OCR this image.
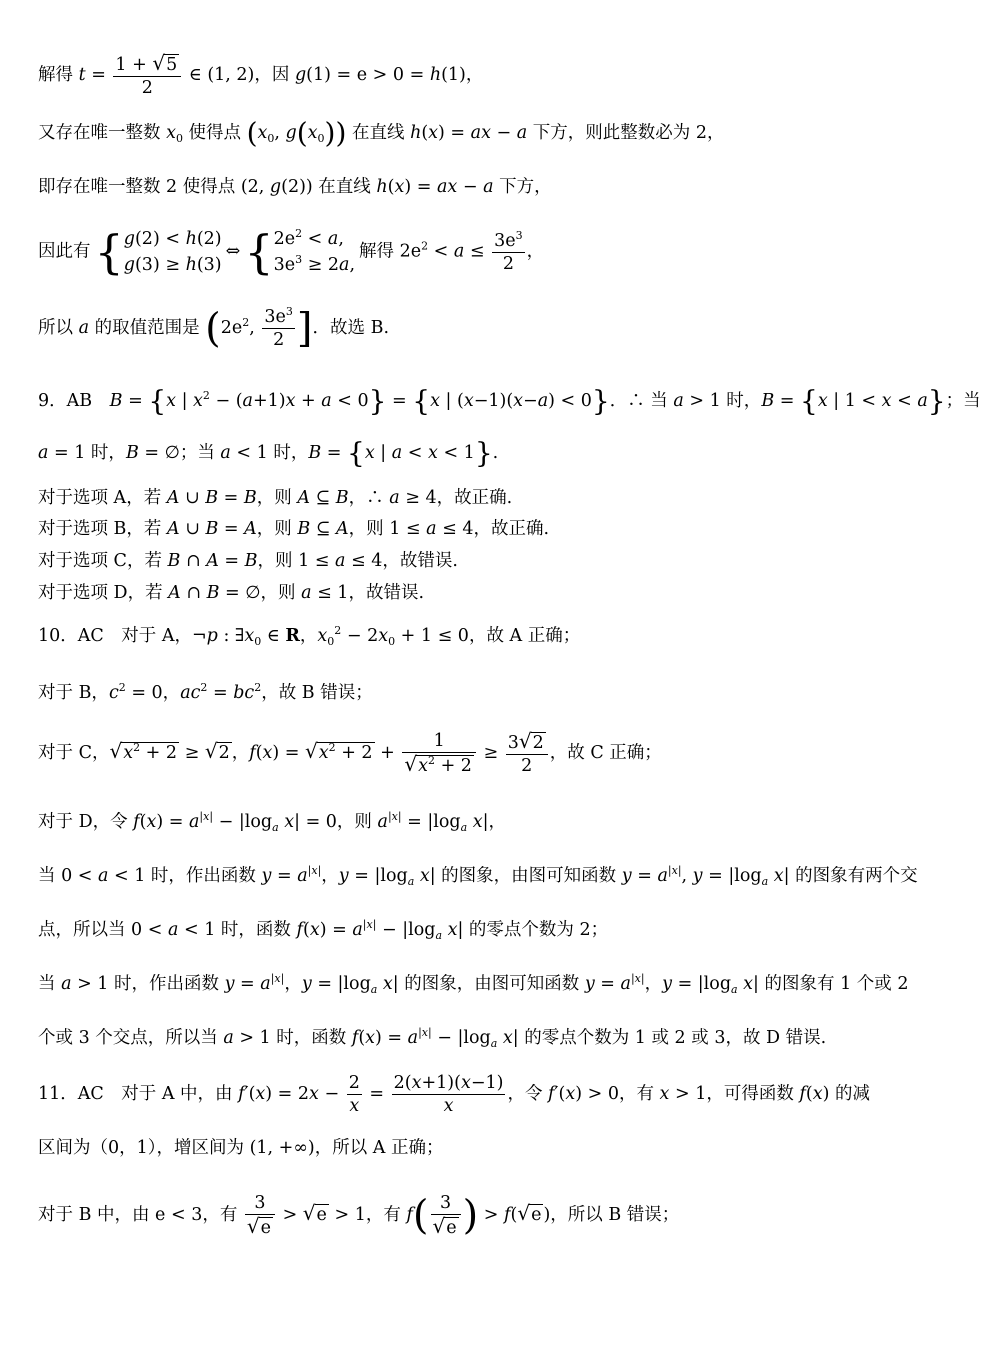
解得 $t = \frac{1 + √5}{2}$ ∈ (1, 2)，因 g(1) = e > 0 = h(1)，
又存在唯一整数 $x_0$ 使得点 ($x_0$, $g(x_0)$) 在直线 h(x) = ax − a 下方，则此整数必为 2，
即存在唯一整数 2 使得点 (2, g(2)) 在直线 h(x) = ax − a 下方，
因此有{ g(2) < h(2)
g(3) ≥ h(3)
⇔{ $2e^2 < a$,
$3e^3 \ge 2a$,
解得 $2e^2 < a \le \frac{3e^3}{2}$ ，
所以 a 的取值范围是 ($2e^2$, $\frac{3e^3}{2}$ ]．故选 B.
9．AB　B = {x | $x^2 - (a+1)x + a < 0\} = \{x$ | (x−1)(x−a) < 0}．∴ 当 a > 1 时，B = {x | 1 < x < a}；当
a = 1 时，B = ∅；当 a < 1 时，B = {x | a < x < 1}.
对于选项 A，若 A ∪ B = B，则 A ⊆ B，∴ a ≥ 4，故正确.
对于选项 B，若 A ∪ B = A，则 B ⊆ A，则 1 ≤ a ≤ 4，故正确.
对于选项 C，若 B ∩ A = B，则 1 ≤ a ≤ 4，故错误.
对于选项 D，若 A ∩ B = ∅，则 a ≤ 1，故错误.
10．AC　对于 A，¬p : $\exists x_0$ ∈ R，$x_0^2 - 2x_0 + 1 \le 0$，故 A 正确；
对于 B，$c^2 = 0$，$ac^2 = bc^2$，故 B 错误；
对于 C，$√x^2 + 2 \ge √2$ ，$f(x) = √x^2 + 2 + \frac{1}{√x^2 + 2} \ge \frac{3√2}{2}$ ，故 C 正确；
对于 D，令 $f(x) = a^{|x|} - |\log_a$ x| = 0，则 $a^{|x|} = |\log_a$ x|，
当 0 < a < 1 时，作出函数 $y = a^{|x|}$，$y = |\log_a$ x| 的图象，由图可知函数 $y = a^{|x|}$, $y = |\log_a$ x| 的图象有两个交
点，所以当 0 < a < 1 时，函数 $f(x) = a^{|x|} - |\log_a$ x| 的零点个数为 2；
当 a > 1 时，作出函数 $y = a^{|x|}$，$y = |\log_a$ x| 的图象，由图可知函数 $y = a^{|x|}$，$y = |\log_a$ x| 的图象有 1 个或 2
个或 3 个交点，所以当 a > 1 时，函数 $f(x) = a^{|x|} - |\log_a$ x| 的零点个数为 1 或 2 或 3，故 D 错误.
11．AC　对于 A 中，由 $f'(x) = 2x - \frac{2}{x} = \frac{2(x+1)(x-1)}{x}$ ，令 f′(x) > 0，有 x > 1，可得函数 f(x) 的减
区间为（0，1），增区间为 (1, +∞)，所以 A 正确；
对于 B 中，由 e < 3，有 $\frac{3}{√e} > √e > 1$，有 $f( \frac{3}{√e}$ ) > f(√e )，所以 B 错误；
